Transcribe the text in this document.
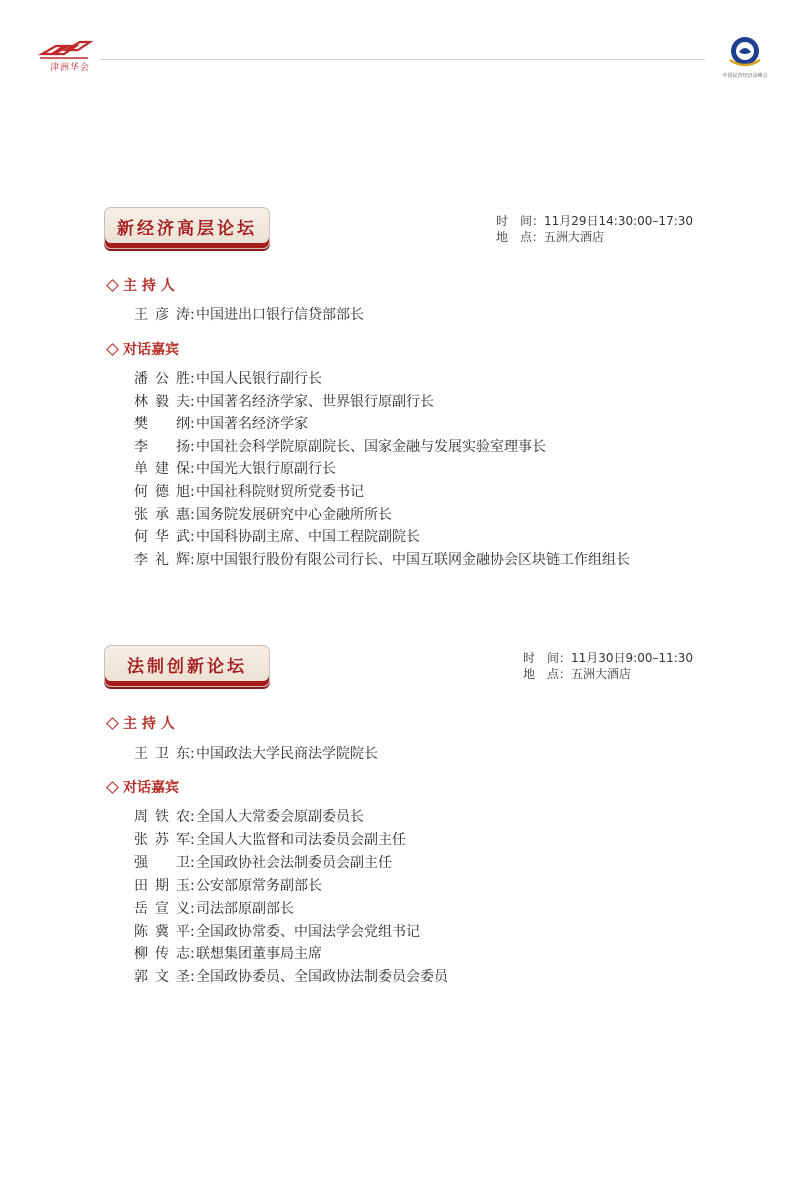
津洲华会
中国民营经济高峰会
新经济高层论坛	时　间： 11月29日14:30:00–17:30
地　点： 五洲大酒店
主 持 人
王彦涛 : 中国进出口银行信贷部部长
对话嘉宾
潘公胜 : 中国人民银行副行长
林毅夫 : 中国著名经济学家、世界银行原副行长
樊　纲 : 中国著名经济学家
李　扬 : 中国社会科学院原副院长、国家金融与发展实验室理事长
单建保 : 中国光大银行原副行长
何德旭 : 中国社科院财贸所党委书记
张承惠 : 国务院发展研究中心金融所所长
何华武 : 中国科协副主席、中国工程院副院长
李礼辉 : 原中国银行股份有限公司行长、中国互联网金融协会区块链工作组组长
法制创新论坛	时　间： 11月30日9:00–11:30
地　点： 五洲大酒店
主 持 人
王卫东 : 中国政法大学民商法学院院长
对话嘉宾
周铁农 : 全国人大常委会原副委员长
张苏军 : 全国人大监督和司法委员会副主任
强　卫 : 全国政协社会法制委员会副主任
田期玉 : 公安部原常务副部长
岳宣义 : 司法部原副部长
陈冀平 : 全国政协常委、中国法学会党组书记
柳传志 : 联想集团董事局主席
郭文圣 : 全国政协委员、全国政协法制委员会委员
